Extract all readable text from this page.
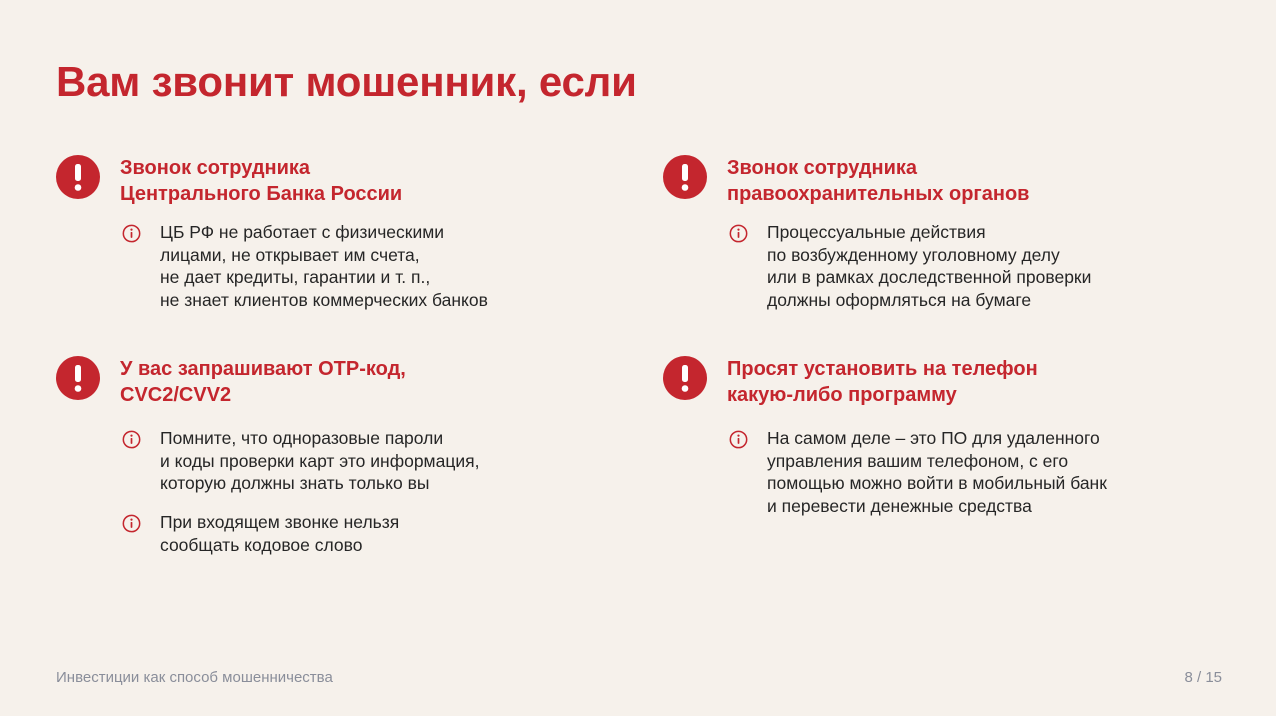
Вам звонит мошенник, если
Звонок сотрудника
Центрального Банка России
ЦБ РФ не работает с физическими
лицами, не открывает им счета,
не дает кредиты, гарантии и т. п.,
не знает клиентов коммерческих банков
Звонок сотрудника
правоохранительных органов
Процессуальные действия
по возбужденному уголовному делу
или в рамках доследственной проверки
должны оформляться на бумаге
У вас запрашивают OTP-код,
CVC2/CVV2
Помните, что одноразовые пароли
и коды проверки карт это информация,
которую должны знать только вы
При входящем звонке нельзя
сообщать кодовое слово
Просят установить на телефон
какую-либо программу
На самом деле – это ПО для удаленного
управления вашим телефоном, с его
помощью можно войти в мобильный банк
и перевести денежные средства
Инвестиции как способ мошенничества	8 / 15
